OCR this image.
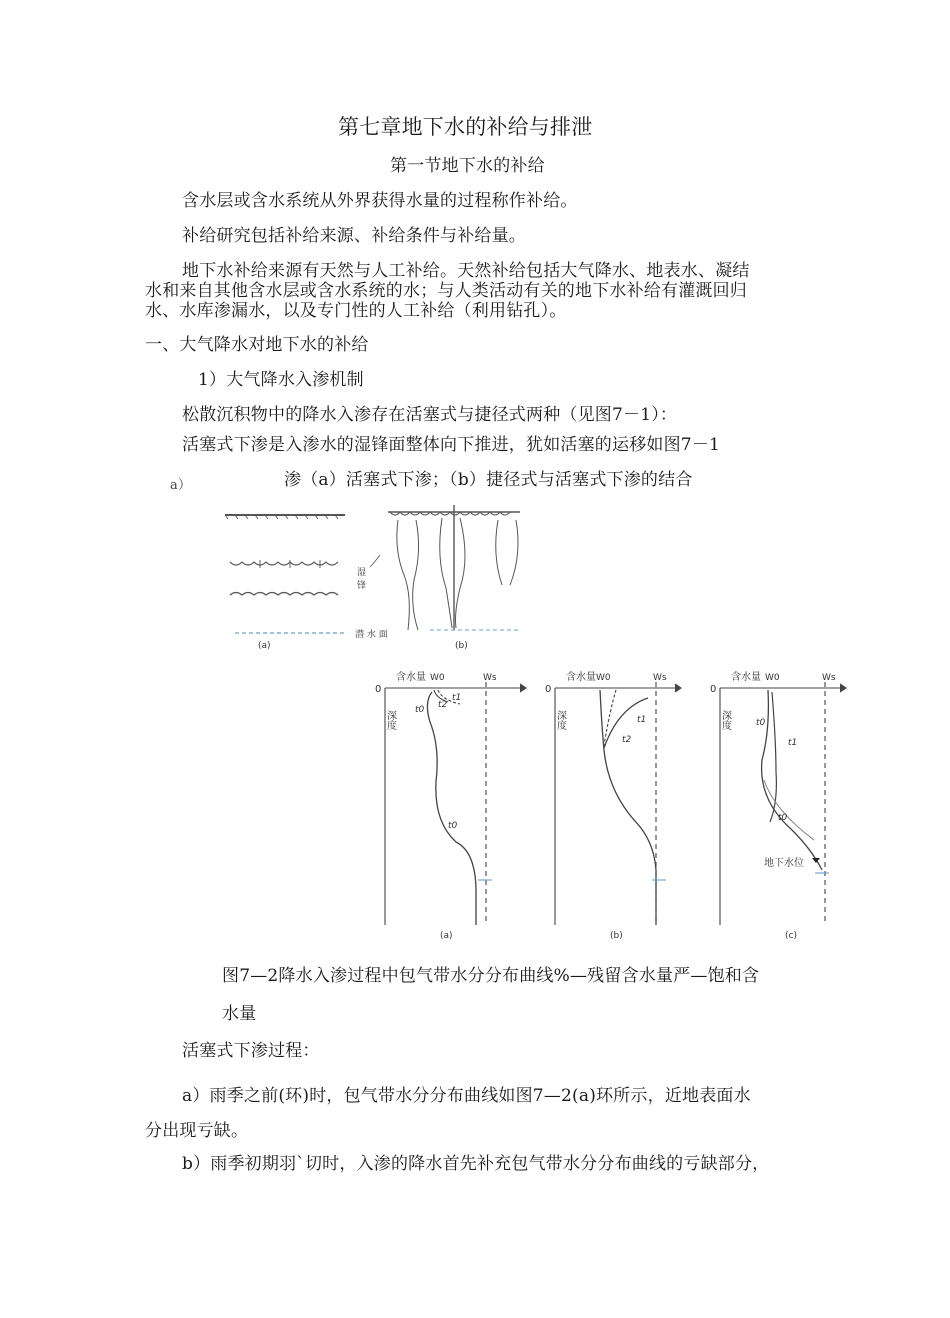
第七章地下水的补给与排泄
第一节地下水的补给
含水层或含水系统从外界获得水量的过程称作补给。
补给研究包括补给来源、补给条件与补给量。
地下水补给来源有天然与人工补给。天然补给包括大气降水、地表水、凝结
水和来自其他含水层或含水系统的水；与人类活动有关的地下水补给有灌溉回归
水、水库渗漏水，以及专门性的人工补给（利用钻孔）。
一、大气降水对地下水的补给
1）大气降水入渗机制
松散沉积物中的降水入渗存在活塞式与捷径式两种（见图7－1）：
活塞式下渗是入渗水的湿锋面整体向下推进，犹如活塞的运移如图7－1
a）	渗（a）活塞式下渗；（b）捷径式与活塞式下渗的结合
湿
锋
潜 水 面
(a)	(b)
含水量 W0	Ws
0
深度 t0
t1
t2
t0
(a)
含水量 W0	Ws
0
深度	t1
t2
(b)
含水量 W0	Ws
0
深度	t0
t1
t0
地下水位
(c)
图7—2降水入渗过程中包气带水分分布曲线%—残留含水量严—饱和含
水量
活塞式下渗过程：
a）雨季之前(环)时，包气带水分分布曲线如图7—2(a)环所示，近地表面水
分出现亏缺。
b）雨季初期羽`切时，入渗的降水首先补充包气带水分分布曲线的亏缺部分，
